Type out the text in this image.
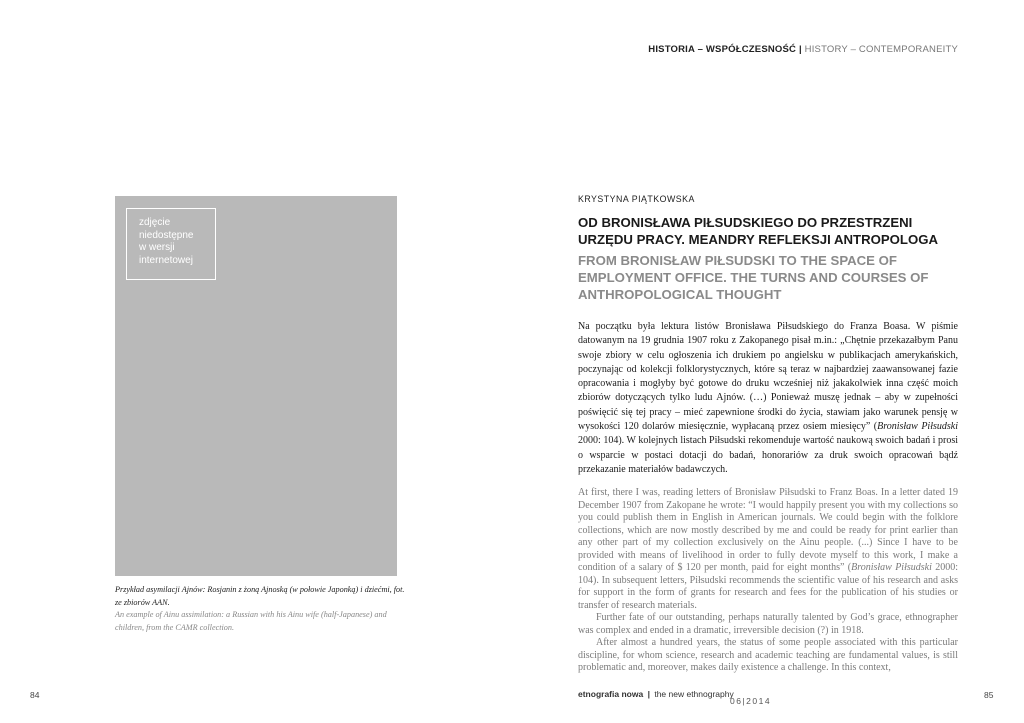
HISTORIA – WSPÓŁCZESNOŚĆ | HISTORY – CONTEMPORANEITY
zdjęcie
niedostępne
w wersji
internetowej
Przykład asymilacji Ajnów: Rosjanin z żoną Ajnoską (w połowie Japonką) i dziećmi, fot. ze zbiorów AAN.
An example of Ainu assimilation: a Russian with his Ainu wife (half-Japanese) and children, from the CAMR collection.
KRYSTYNA PIĄTKOWSKA
OD BRONISŁAWA PIŁSUDSKIEGO DO PRZESTRZENI URZĘDU PRACY. MEANDRY REFLEKSJI ANTROPOLOGA
FROM BRONISŁAW PIŁSUDSKI TO THE SPACE OF EMPLOYMENT OFFICE. THE TURNS AND COURSES OF ANTHROPOLOGICAL THOUGHT

Na początku była lektura listów Bronisława Piłsudskiego do Franza Boasa. W piśmie datowanym na 19 grudnia 1907 roku z Zakopanego pisał m.in.: „Chętnie przekazałbym Panu swoje zbiory w celu ogłoszenia ich drukiem po angielsku w publikacjach amerykańskich, poczynając od kolekcji folklorystycznych, które są teraz w najbardziej zaawansowanej fazie opracowania i mogłyby być gotowe do druku wcześniej niż jakakolwiek inna część moich zbiorów dotyczących tylko ludu Ajnów. (…) Ponieważ muszę jednak – aby w zupełności poświęcić się tej pracy – mieć zapewnione środki do życia, stawiam jako warunek pensję w wysokości 120 dolarów miesięcznie, wypłacaną przez osiem miesięcy” (Bronisław Piłsudski 2000: 104). W kolejnych listach Piłsudski rekomenduje wartość naukową swoich badań i prosi o wsparcie w postaci dotacji do badań, honorariów za druk swoich opracowań bądź przekazanie materiałów badawczych.

At first, there I was, reading letters of Bronisław Piłsudski to Franz Boas. In a letter dated 19 December 1907 from Zakopane he wrote: “I would happily present you with my collections so you could publish them in English in American journals. We could begin with the folklore collections, which are now mostly described by me and could be ready for print earlier than any other part of my collection exclusively on the Ainu people. (...) Since I have to be provided with means of livelihood in order to fully devote myself to this work, I make a condition of a salary of $ 120 per month, paid for eight months” (Bronisław Piłsudski 2000: 104). In subsequent letters, Piłsudski recommends the scientific value of his research and asks for support in the form of grants for research and fees for the publication of his studies or transfer of research materials.

Further fate of our outstanding, perhaps naturally talented by God’s grace, ethnographer was complex and ended in a dramatic, irreversible decision (?) in 1918.

After almost a hundred years, the status of some people associated with this particular discipline, for whom science, research and academic teaching are fundamental values, is still problematic and, moreover, makes daily existence a challenge. In this context,

84	85
etnografia nowa | the new ethnography
06|2014
